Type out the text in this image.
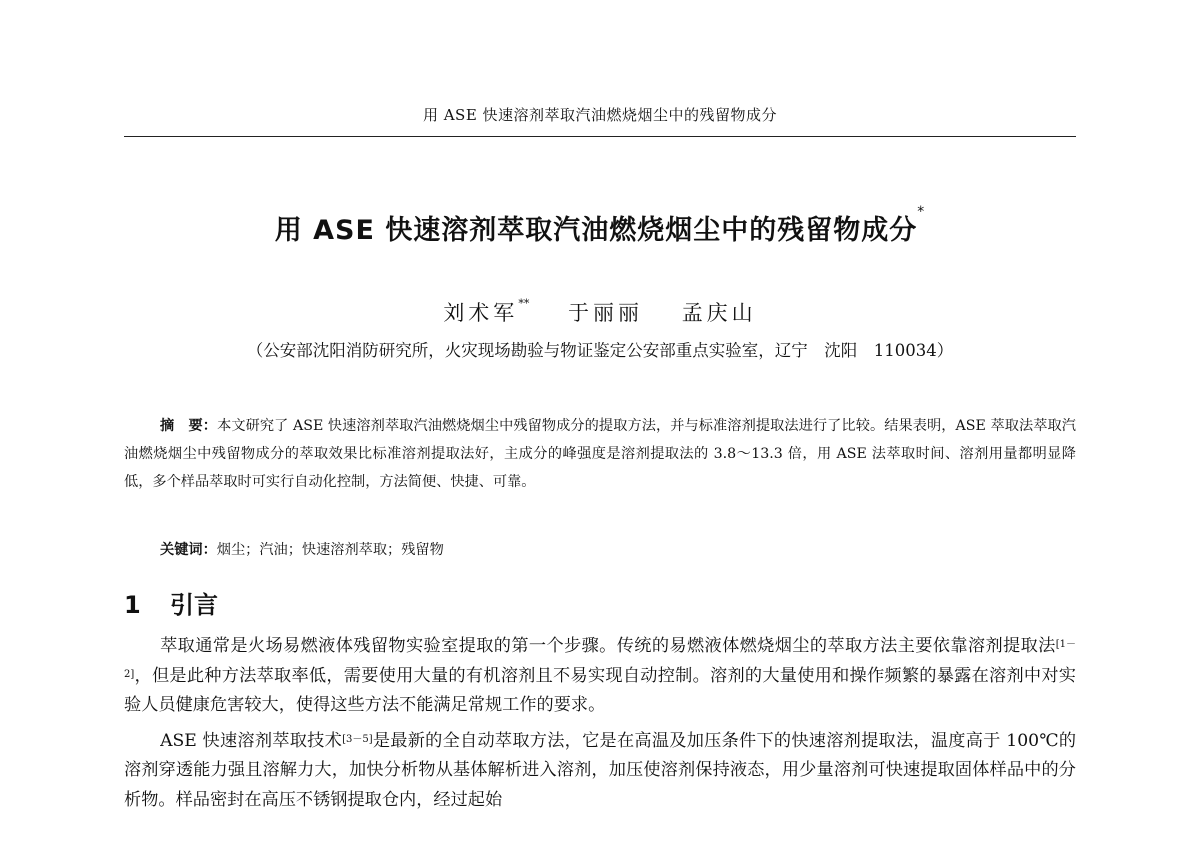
用 ASE 快速溶剂萃取汽油燃烧烟尘中的残留物成分
用 ASE 快速溶剂萃取汽油燃烧烟尘中的残留物成分*
刘术军** 于丽丽 孟庆山
（公安部沈阳消防研究所，火灾现场勘验与物证鉴定公安部重点实验室，辽宁　沈阳　110034）
摘　要：本文研究了 ASE 快速溶剂萃取汽油燃烧烟尘中残留物成分的提取方法，并与标准溶剂提取法进行了比较。结果表明，ASE 萃取法萃取汽油燃烧烟尘中残留物成分的萃取效果比标准溶剂提取法好，主成分的峰强度是溶剂提取法的 3.8～13.3 倍，用 ASE 法萃取时间、溶剂用量都明显降低，多个样品萃取时可实行自动化控制，方法简便、快捷、可靠。
关键词：烟尘；汽油；快速溶剂萃取；残留物
1 引言

萃取通常是火场易燃液体残留物实验室提取的第一个步骤。传统的易燃液体燃烧烟尘的萃取方法主要依靠溶剂提取法[1－2]，但是此种方法萃取率低，需要使用大量的有机溶剂且不易实现自动控制。溶剂的大量使用和操作频繁的暴露在溶剂中对实验人员健康危害较大，使得这些方法不能满足常规工作的要求。

ASE 快速溶剂萃取技术[3－5]是最新的全自动萃取方法，它是在高温及加压条件下的快速溶剂提取法，温度高于 100℃的溶剂穿透能力强且溶解力大，加快分析物从基体解析进入溶剂，加压使溶剂保持液态，用少量溶剂可快速提取固体样品中的分析物。样品密封在高压不锈钢提取仓内，经过起始
